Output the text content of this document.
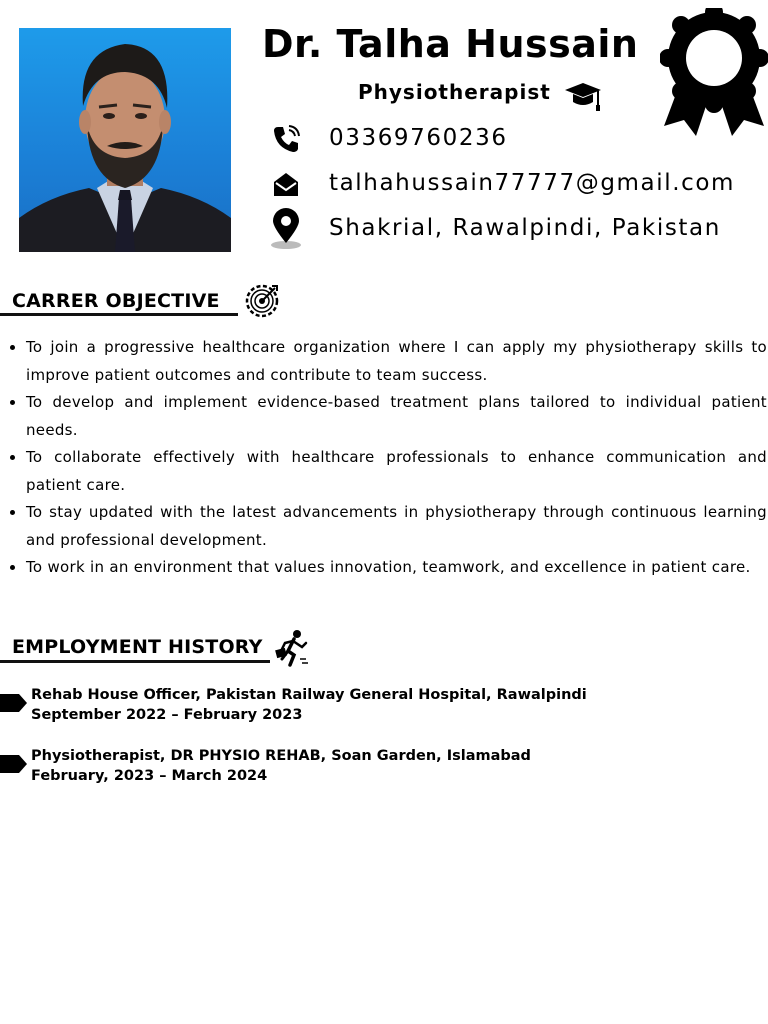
Dr. Talha Hussain
Physiotherapist
03369760236
talhahussain77777@gmail.com
Shakrial, Rawalpindi, Pakistan
CARRER OBJECTIVE
• To join a progressive healthcare organization where I can apply my physiotherapy skills to improve patient outcomes and contribute to team success.
• To develop and implement evidence-based treatment plans tailored to individual patient needs.
• To collaborate effectively with healthcare professionals to enhance communication and patient care.
• To stay updated with the latest advancements in physiotherapy through continuous learning and professional development.
• To work in an environment that values innovation, teamwork, and excellence in patient care.
EMPLOYMENT HISTORY
Rehab House Officer, Pakistan Railway General Hospital, Rawalpindi
September 2022 – February 2023
Physiotherapist, DR PHYSIO REHAB, Soan Garden, Islamabad
February, 2023 – March 2024
